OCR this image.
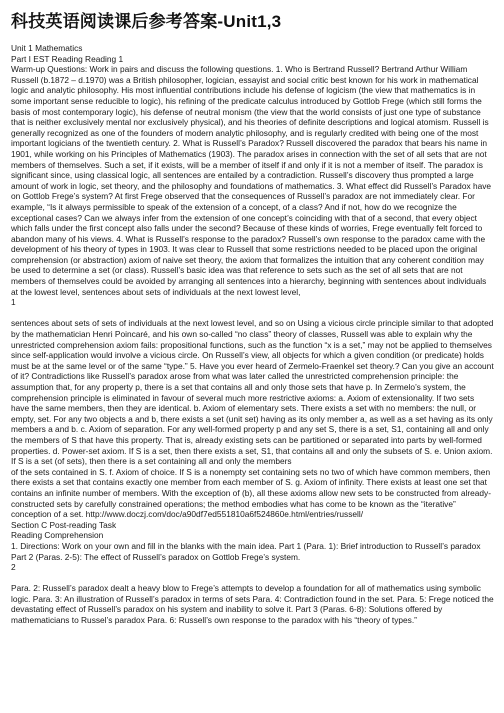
科技英语阅读课后参考答案-Unit1,3

Unit 1 Mathematics

Part I EST Reading Reading 1

Warm-up Questions: Work in pairs and discuss the following questions. 1. Who is Bertrand Russell? Bertrand Arthur William Russell (b.1872 – d.1970) was a British philosopher, logician, essayist and social critic best known for his work in mathematical logic and analytic philosophy. His most influential contributions include his defense of logicism (the view that mathematics is in some important sense reducible to logic), his refining of the predicate calculus introduced by Gottlob Frege (which still forms the basis of most contemporary logic), his defense of neutral monism (the view that the world consists of just one type of substance that is neither exclusively mental nor exclusively physical), and his theories of definite descriptions and logical atomism. Russell is generally recognized as one of the founders of modern analytic philosophy, and is regularly credited with being one of the most important logicians of the twentieth century. 2. What is Russell’s Paradox? Russell discovered the paradox that bears his name in 1901, while working on his Principles of Mathematics (1903). The paradox arises in connection with the set of all sets that are not members of themselves. Such a set, if it exists, will be a member of itself if and only if it is not a member of itself. The paradox is significant since, using classical logic, all sentences are entailed by a contradiction. Russell’s discovery thus prompted a large amount of work in logic, set theory, and the philosophy and foundations of mathematics. 3. What effect did Russell’s Paradox have on Gottlob Frege’s system? At first Frege observed that the consequences of Russell’s paradox are not immediately clear. For example, “Is it always permissible to speak of the extension of a concept, of a class? And if not, how do we recognize the exceptional cases? Can we always infer from the extension of one concept’s coinciding with that of a second, that every object which falls under the first concept also falls under the second? Because of these kinds of worries, Frege eventually felt forced to abandon many of his views. 4. What is Russell’s response to the paradox? Russell’s own response to the paradox came with the development of his theory of types in 1903. It was clear to Russell that some restrictions needed to be placed upon the original comprehension (or abstraction) axiom of naive set theory, the axiom that formalizes the intuition that any coherent condition may be used to determine a set (or class). Russell’s basic idea was that reference to sets such as the set of all sets that are not members of themselves could be avoided by arranging all sentences into a hierarchy, beginning with sentences about individuals at the lowest level, sentences about sets of individuals at the next lowest level,

1

sentences about sets of sets of individuals at the next lowest level, and so on Using a vicious circle principle similar to that adopted by the mathematician Henri Poincaré, and his own so-called “no class” theory of classes, Russell was able to explain why the unrestricted comprehension axiom fails: propositional functions, such as the function “x is a set,” may not be applied to themselves since self-application would involve a vicious circle. On Russell’s view, all objects for which a given condition (or predicate) holds must be at the same level or of the same “type.” 5. Have you ever heard of Zermelo-Fraenkel set theory.? Can you give an account of it? Contradictions like Russell’s paradox arose from what was later called the unrestricted comprehension principle: the assumption that, for any property p, there is a set that contains all and only those sets that have p. In Zermelo’s system, the comprehension principle is eliminated in favour of several much more restrictive axioms: a. Axiom of extensionality. If two sets have the same members, then they are identical. b. Axiom of elementary sets. There exists a set with no members: the null, or empty, set. For any two objects a and b, there exists a set (unit set) having as its only member a, as well as a set having as its only members a and b. c. Axiom of separation. For any well-formed property p and any set S, there is a set, S1, containing all and only the members of S that have this property. That is, already existing sets can be partitioned or separated into parts by well-formed properties. d. Power-set axiom. If S is a set, then there exists a set, S1, that contains all and only the subsets of S. e. Union axiom. If S is a set (of sets), then there is a set containing all and only the members

of the sets contained in S. f. Axiom of choice. If S is a nonempty set containing sets no two of which have common members, then there exists a set that contains exactly one member from each member of S. g. Axiom of infinity. There exists at least one set that contains an infinite number of members. With the exception of (b), all these axioms allow new sets to be constructed from already-constructed sets by carefully constrained operations; the method embodies what has come to be known as the “iterative” conception of a set. http://www.doczj.com/doc/a90df7ed551810a6f524860e.html/entries/russell/

Section C Post-reading Task

Reading Comprehension

1. Directions: Work on your own and fill in the blanks with the main idea. Part 1 (Para. 1): Brief introduction to Russell’s paradox Part 2 (Paras. 2-5): The effect of Russell’s paradox on Gottlob Frege’s system.

2

Para. 2: Russell’s paradox dealt a heavy blow to Frege’s attempts to develop a foundation for all of mathematics using symbolic logic. Para. 3: An illustration of Russell’s paradox in terms of sets Para. 4: Contradiction found in the set. Para. 5: Frege noticed the devastating effect of Russell’s paradox on his system and inability to solve it. Part 3 (Paras. 6-8): Solutions offered by mathematicians to Russel’s paradox Para. 6: Russell’s own response to the paradox with his “theory of types.”
